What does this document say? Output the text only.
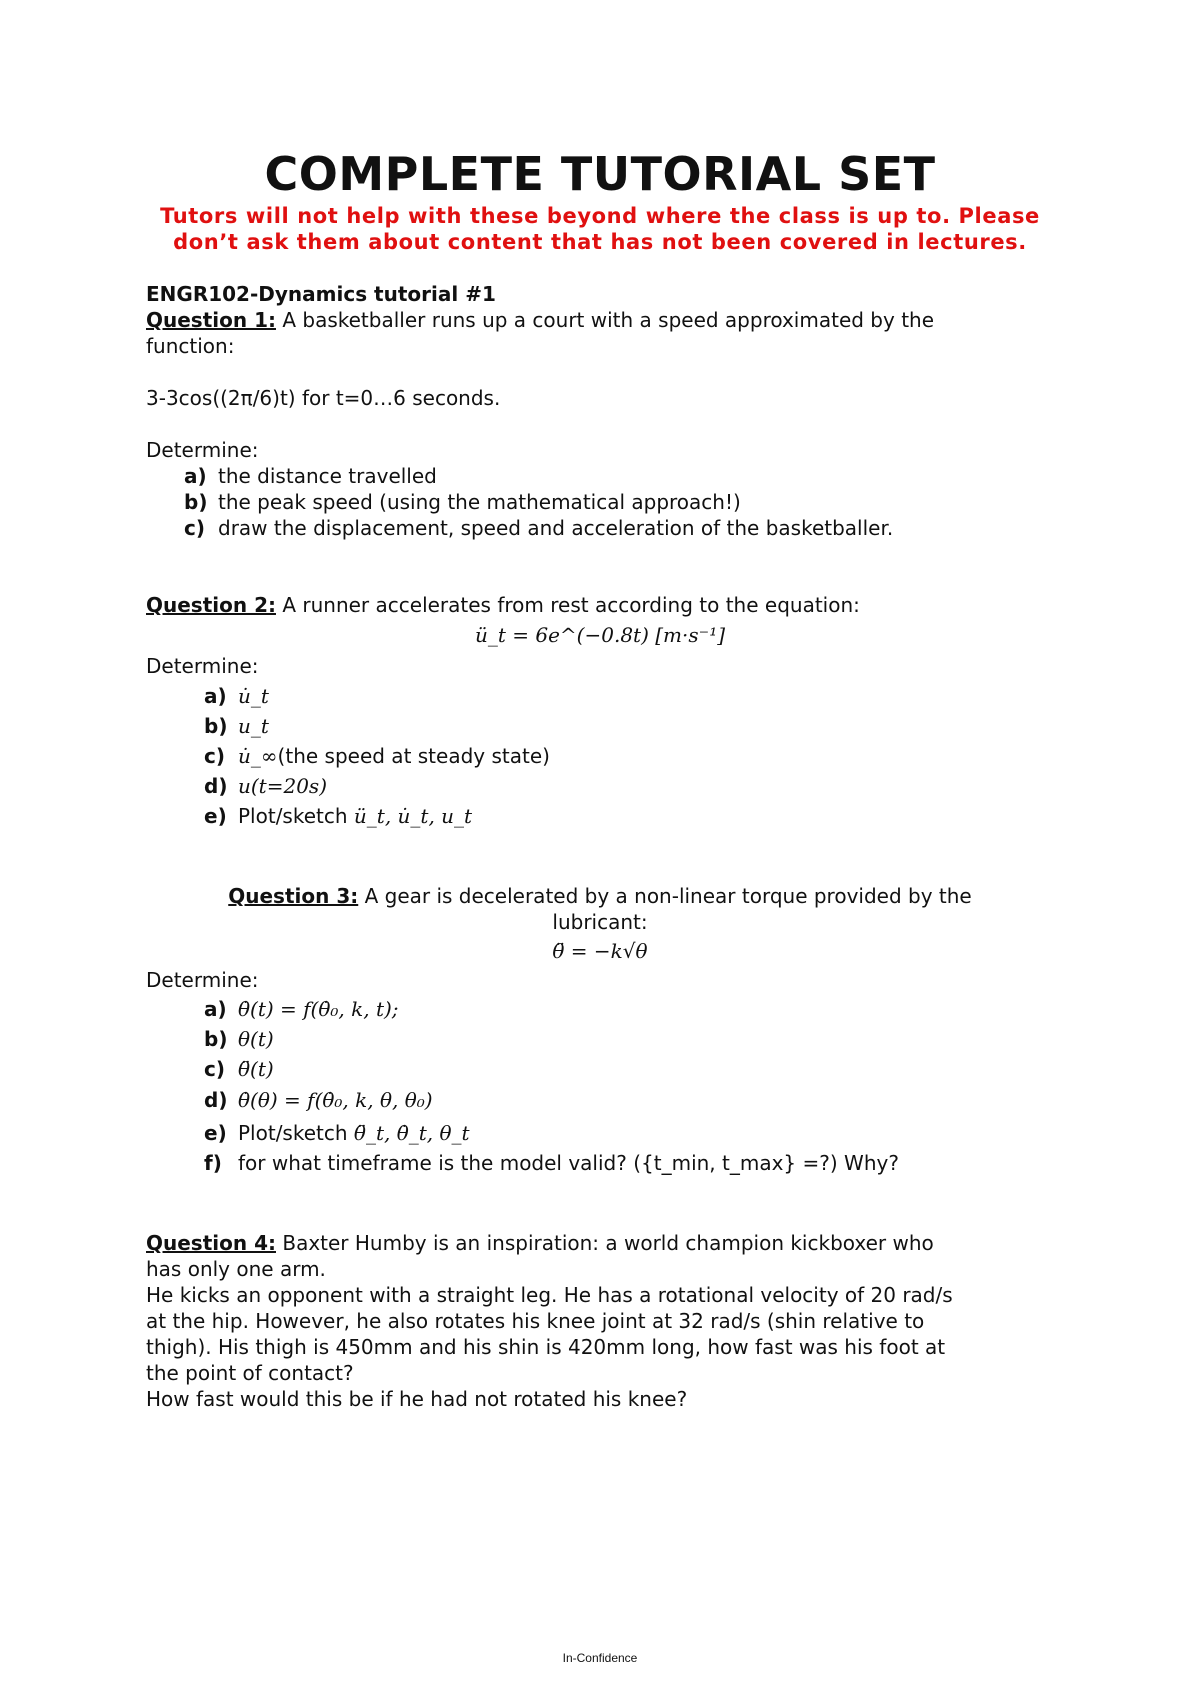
COMPLETE TUTORIAL SET
Tutors will not help with these beyond where the class is up to. Please
don’t ask them about content that has not been covered in lectures.
ENGR102-Dynamics tutorial #1
Question 1: A basketballer runs up a court with a speed approximated by the
function:
3-3cos((2π/6)t) for t=0…6 seconds.
Determine:
a) the distance travelled
b) the peak speed (using the mathematical approach!)
c) draw the displacement, speed and acceleration of the basketballer.
Question 2: A runner accelerates from rest according to the equation:
ü_t = 6e^(−0.8t) [m·s⁻¹]
Determine:
a) u̇_t
b) u_t
c) u̇_∞(the speed at steady state)
d) u(t=20s)
e) Plot/sketch ü_t, u̇_t, u_t
Question 3: A gear is decelerated by a non-linear torque provided by the
lubricant:
θ̈ = −k√θ
Determine:
a) θ̇(t) = f(θ̇₀, k, t);
b) θ(t)
c) θ̈(t)
d) θ̇(θ) = f(θ̇₀, k, θ, θ₀)
e) Plot/sketch θ̈_t, θ̇_t, θ_t
f) for what timeframe is the model valid? ({t_min, t_max} =?) Why?
Question 4: Baxter Humby is an inspiration: a world champion kickboxer who
has only one arm.
He kicks an opponent with a straight leg. He has a rotational velocity of 20 rad/s
at the hip. However, he also rotates his knee joint at 32 rad/s (shin relative to
thigh). His thigh is 450mm and his shin is 420mm long, how fast was his foot at
the point of contact?
How fast would this be if he had not rotated his knee?
In-Confidence
